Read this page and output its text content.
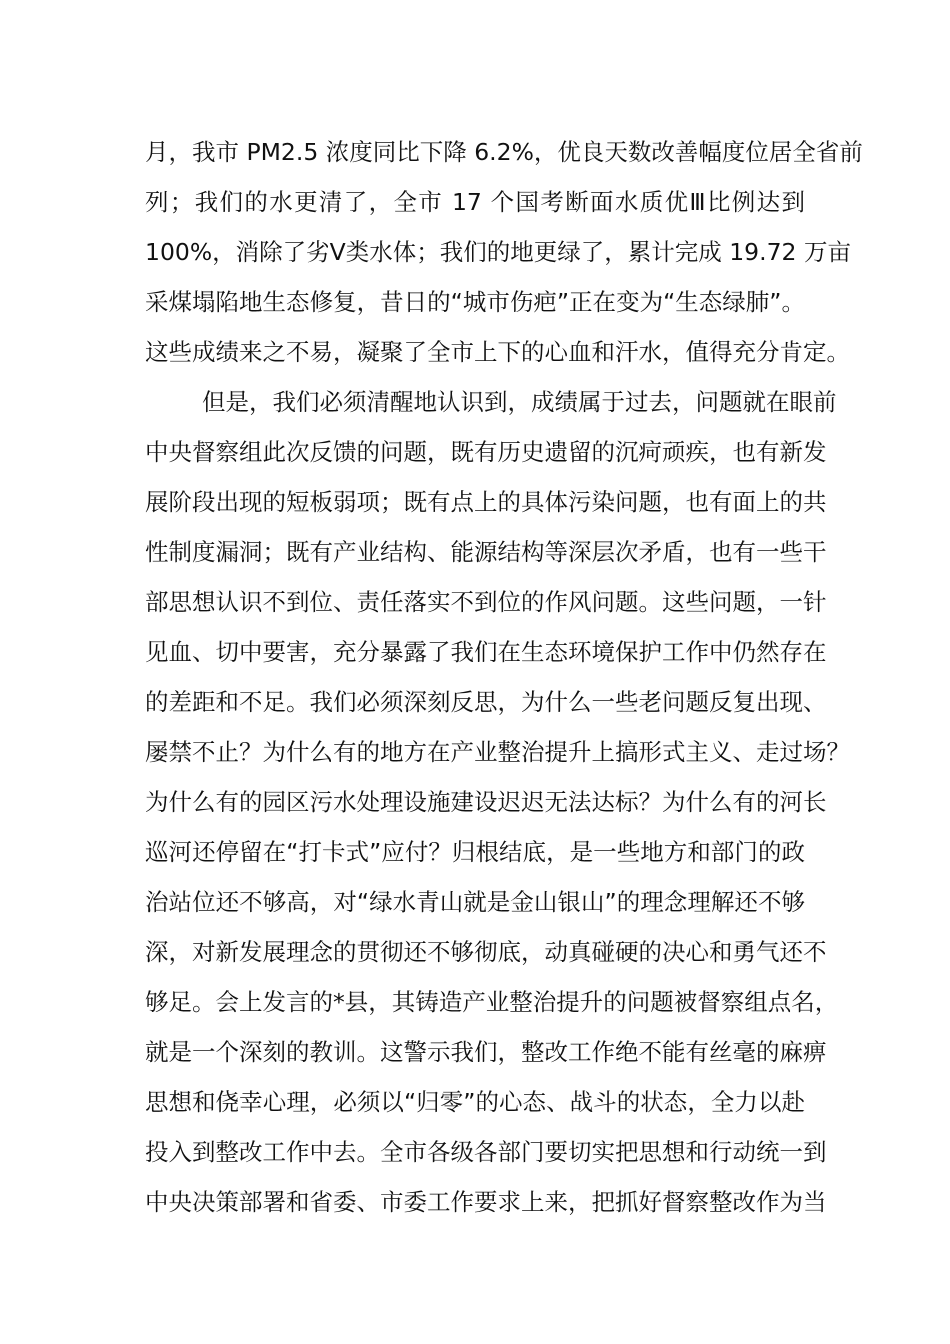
月，我市 PM2.5 浓度同比下降 6.2%，优良天数改善幅度位居全省前
列；我们的水更清了，全市 17 个国考断面水质优Ⅲ比例达到
100%，消除了劣Ⅴ类水体；我们的地更绿了，累计完成 19.72 万亩
采煤塌陷地生态修复，昔日的“城市伤疤”正在变为“生态绿肺”。
这些成绩来之不易，凝聚了全市上下的心血和汗水，值得充分肯定。
但是，我们必须清醒地认识到，成绩属于过去，问题就在眼前
中央督察组此次反馈的问题，既有历史遗留的沉疴顽疾，也有新发
展阶段出现的短板弱项；既有点上的具体污染问题，也有面上的共
性制度漏洞；既有产业结构、能源结构等深层次矛盾，也有一些干
部思想认识不到位、责任落实不到位的作风问题。这些问题，一针
见血、切中要害，充分暴露了我们在生态环境保护工作中仍然存在
的差距和不足。我们必须深刻反思，为什么一些老问题反复出现、
屡禁不止？为什么有的地方在产业整治提升上搞形式主义、走过场？
为什么有的园区污水处理设施建设迟迟无法达标？为什么有的河长
巡河还停留在“打卡式”应付？归根结底，是一些地方和部门的政
治站位还不够高，对“绿水青山就是金山银山”的理念理解还不够
深，对新发展理念的贯彻还不够彻底，动真碰硬的决心和勇气还不
够足。会上发言的*县，其铸造产业整治提升的问题被督察组点名，
就是一个深刻的教训。这警示我们，整改工作绝不能有丝毫的麻痹
思想和侥幸心理，必须以“归零”的心态、战斗的状态，全力以赴
投入到整改工作中去。全市各级各部门要切实把思想和行动统一到
中央决策部署和省委、市委工作要求上来，把抓好督察整改作为当
